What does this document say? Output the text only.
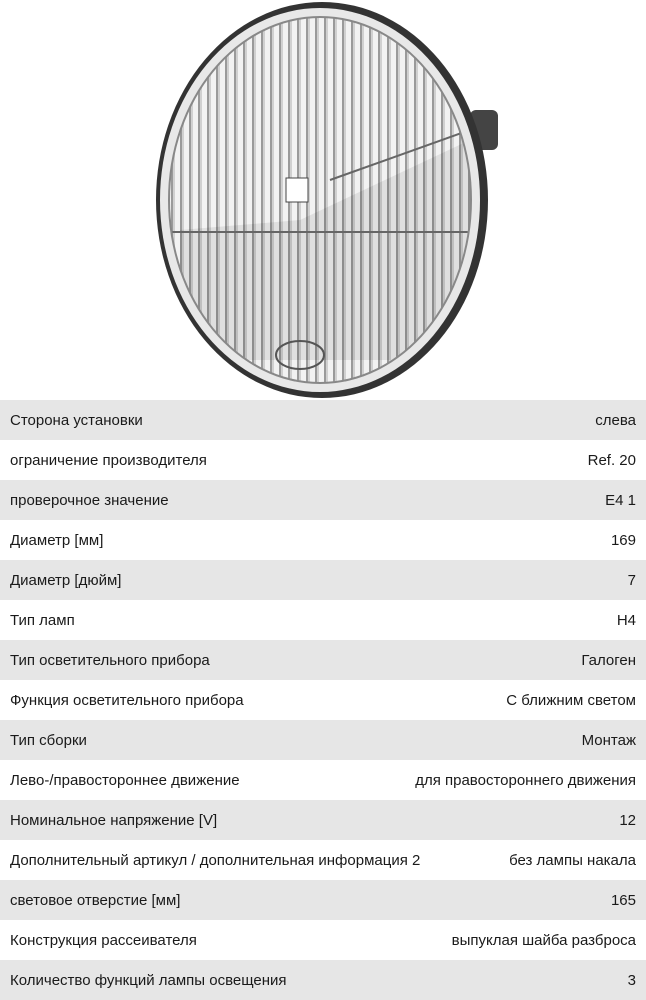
Сторона установки	слева
ограничение производителя	Ref. 20
проверочное значение	E4 1
Диаметр [мм]	169
Диаметр [дюйм]	7
Тип ламп	H4
Тип осветительного прибора	Галоген
Функция осветительного прибора	С ближним светом
Тип сборки	Монтаж
Лево-/правостороннее движение	для правостороннего движения
Номинальное напряжение [V]	12
Дополнительный артикул / дополнительная информация 2	без лампы накала
световое отверстие [мм]	165
Конструкция рассеивателя	выпуклая шайба разброса
Количество функций лампы освещения	3
